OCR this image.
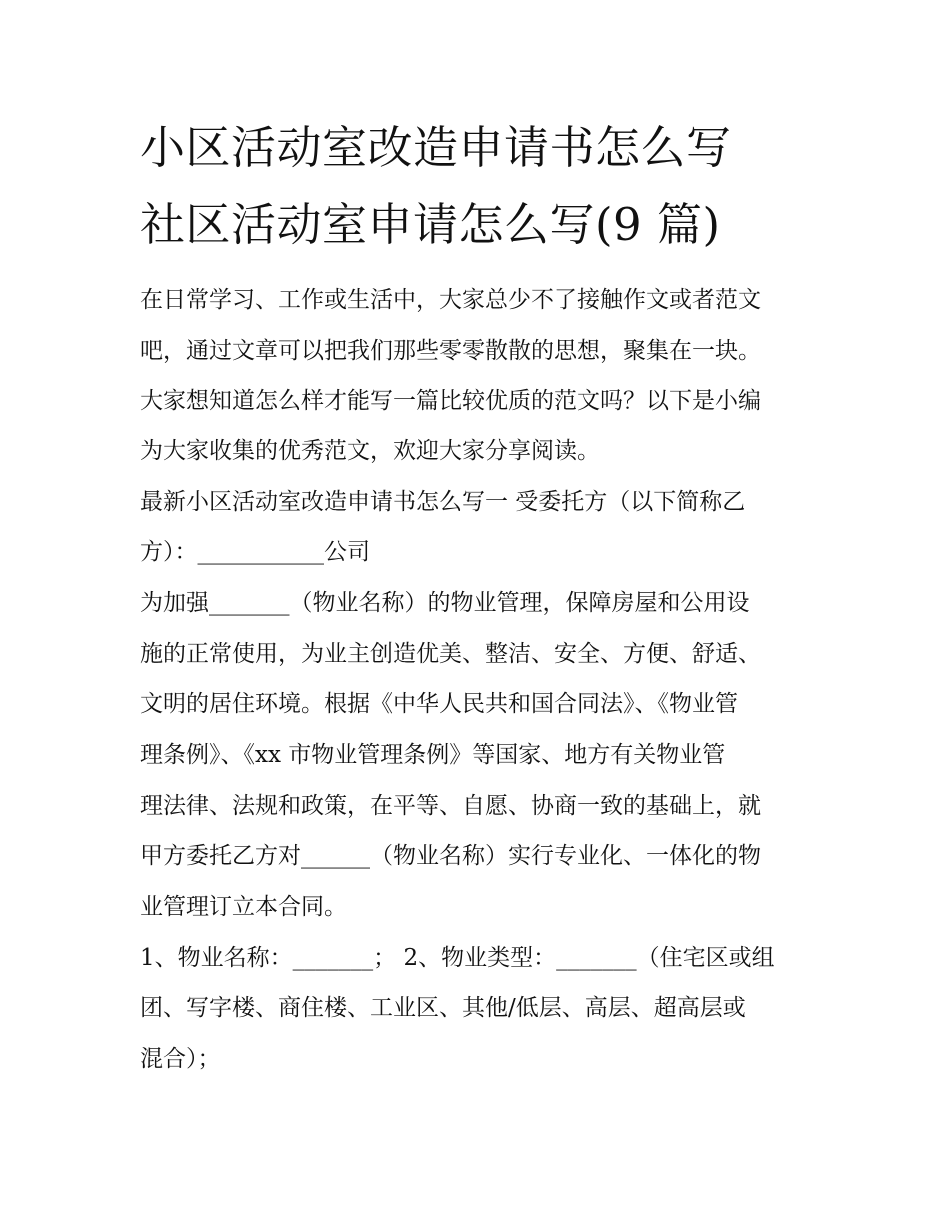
小区活动室改造申请书怎么写
社区活动室申请怎么写(9 篇)
在日常学习、工作或生活中，大家总少不了接触作文或者范文
吧，通过文章可以把我们那些零零散散的思想，聚集在一块。
大家想知道怎么样才能写一篇比较优质的范文吗？以下是小编
为大家收集的优秀范文，欢迎大家分享阅读。
最新小区活动室改造申请书怎么写一 受委托方（以下简称乙
方）：___________公司
为加强_______（物业名称）的物业管理，保障房屋和公用设
施的正常使用，为业主创造优美、整洁、安全、方便、舒适、
文明的居住环境。根据《中华人民共和国合同法》、《物业管
理条例》、《xx 市物业管理条例》等国家、地方有关物业管
理法律、法规和政策，在平等、自愿、协商一致的基础上，就
甲方委托乙方对______（物业名称）实行专业化、一体化的物
业管理订立本合同。
1、物业名称：_______； 2、物业类型：_______（住宅区或组
团、写字楼、商住楼、工业区、其他/低层、高层、超高层或
混合）；
